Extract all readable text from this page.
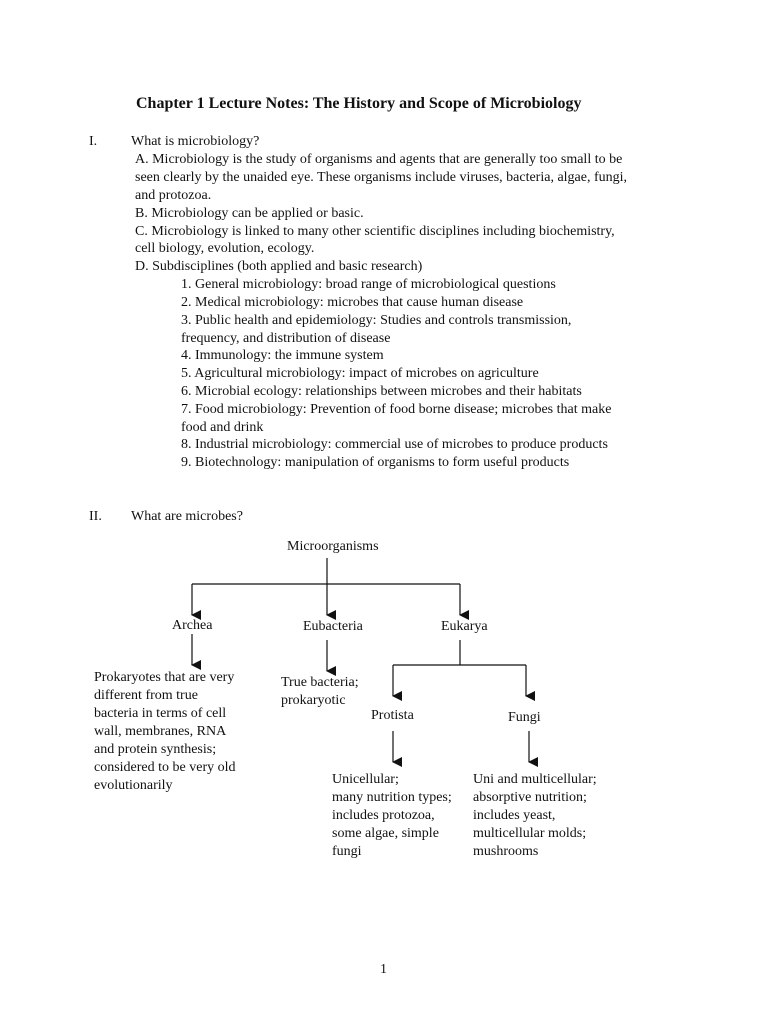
Chapter 1 Lecture Notes: The History and Scope of Microbiology
I. What is microbiology?
A. Microbiology is the study of organisms and agents that are generally too small to be
seen clearly by the unaided eye. These organisms include viruses, bacteria, algae, fungi,
and protozoa.
B. Microbiology can be applied or basic.
C. Microbiology is linked to many other scientific disciplines including biochemistry,
cell biology, evolution, ecology.
D. Subdisciplines (both applied and basic research)
1. General microbiology: broad range of microbiological questions
2. Medical microbiology: microbes that cause human disease
3. Public health and epidemiology: Studies and controls transmission,
frequency, and distribution of disease
4. Immunology: the immune system
5. Agricultural microbiology: impact of microbes on agriculture
6. Microbial ecology: relationships between microbes and their habitats
7. Food microbiology: Prevention of food borne disease; microbes that make
food and drink
8. Industrial microbiology: commercial use of microbes to produce products
9. Biotechnology: manipulation of organisms to form useful products
II. What are microbes?
Microorganisms
Archea	Eubacteria	Eukarya
Protista	Fungi
Prokaryotes that are very
different from true
bacteria in terms of cell
wall, membranes, RNA
and protein synthesis;
considered to be very old
evolutionarily
True bacteria;
prokaryotic
Unicellular;
many nutrition types;
includes protozoa,
some algae, simple
fungi
Uni and multicellular;
absorptive nutrition;
includes yeast,
multicellular molds;
mushrooms
1
